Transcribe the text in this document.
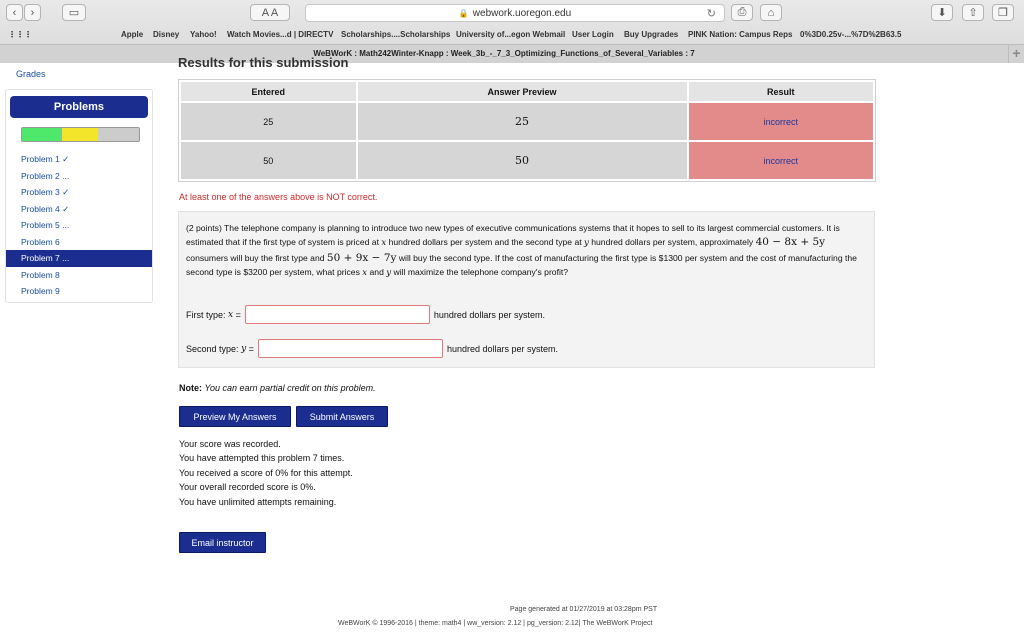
‹	›	▭	A A	🔒 webwork.uoregon.edu	↻	⎙	⌂	⬇	⇧	❐
⋮⋮⋮	Apple Disney Yahoo! Watch Movies...d | DIRECTV Scholarships....Scholarships University of...egon Webmail User Login Buy Upgrades PINK Nation: Campus Reps 0%3D0.25v-...%7D%2B63.5
WeBWorK : Math242Winter-Knapp : Week_3b_-_7_3_Optimizing_Functions_of_Several_Variables : 7	+
Results for this submission
Grades
Problems
Problem 1 ✓
Problem 2 ...
Problem 3 ✓
Problem 4 ✓
Problem 5 ...
Problem 6
Problem 7 ...
Problem 8
Problem 9
Entered	Answer Preview	Result
25	25	incorrect
50	50	incorrect
At least one of the answers above is NOT correct.
(2 points) The telephone company is planning to introduce two new types of executive communications systems that it hopes to sell to its largest commercial customers. It is estimated that if the first type of system is priced at x hundred dollars per system and the second type at y hundred dollars per system, approximately 40 − 8x + 5y consumers will buy the first type and 50 + 9x − 7y will buy the second type. If the cost of manufacturing the first type is $1300 per system and the cost of manufacturing the second type is $3200 per system, what prices x and y will maximize the telephone company's profit?
First type:
x
=	hundred dollars per system.
Second type:
y
=	hundred dollars per system.
Note: You can earn partial credit on this problem.
Preview My Answers	Submit Answers
Your score was recorded.
You have attempted this problem 7 times.
You received a score of 0% for this attempt.
Your overall recorded score is 0%.
You have unlimited attempts remaining.
Email instructor
Page generated at 01/27/2019 at 03:28pm PST
WeBWorK © 1996-2016 | theme: math4 | ww_version: 2.12 | pg_version: 2.12| The WeBWorK Project
